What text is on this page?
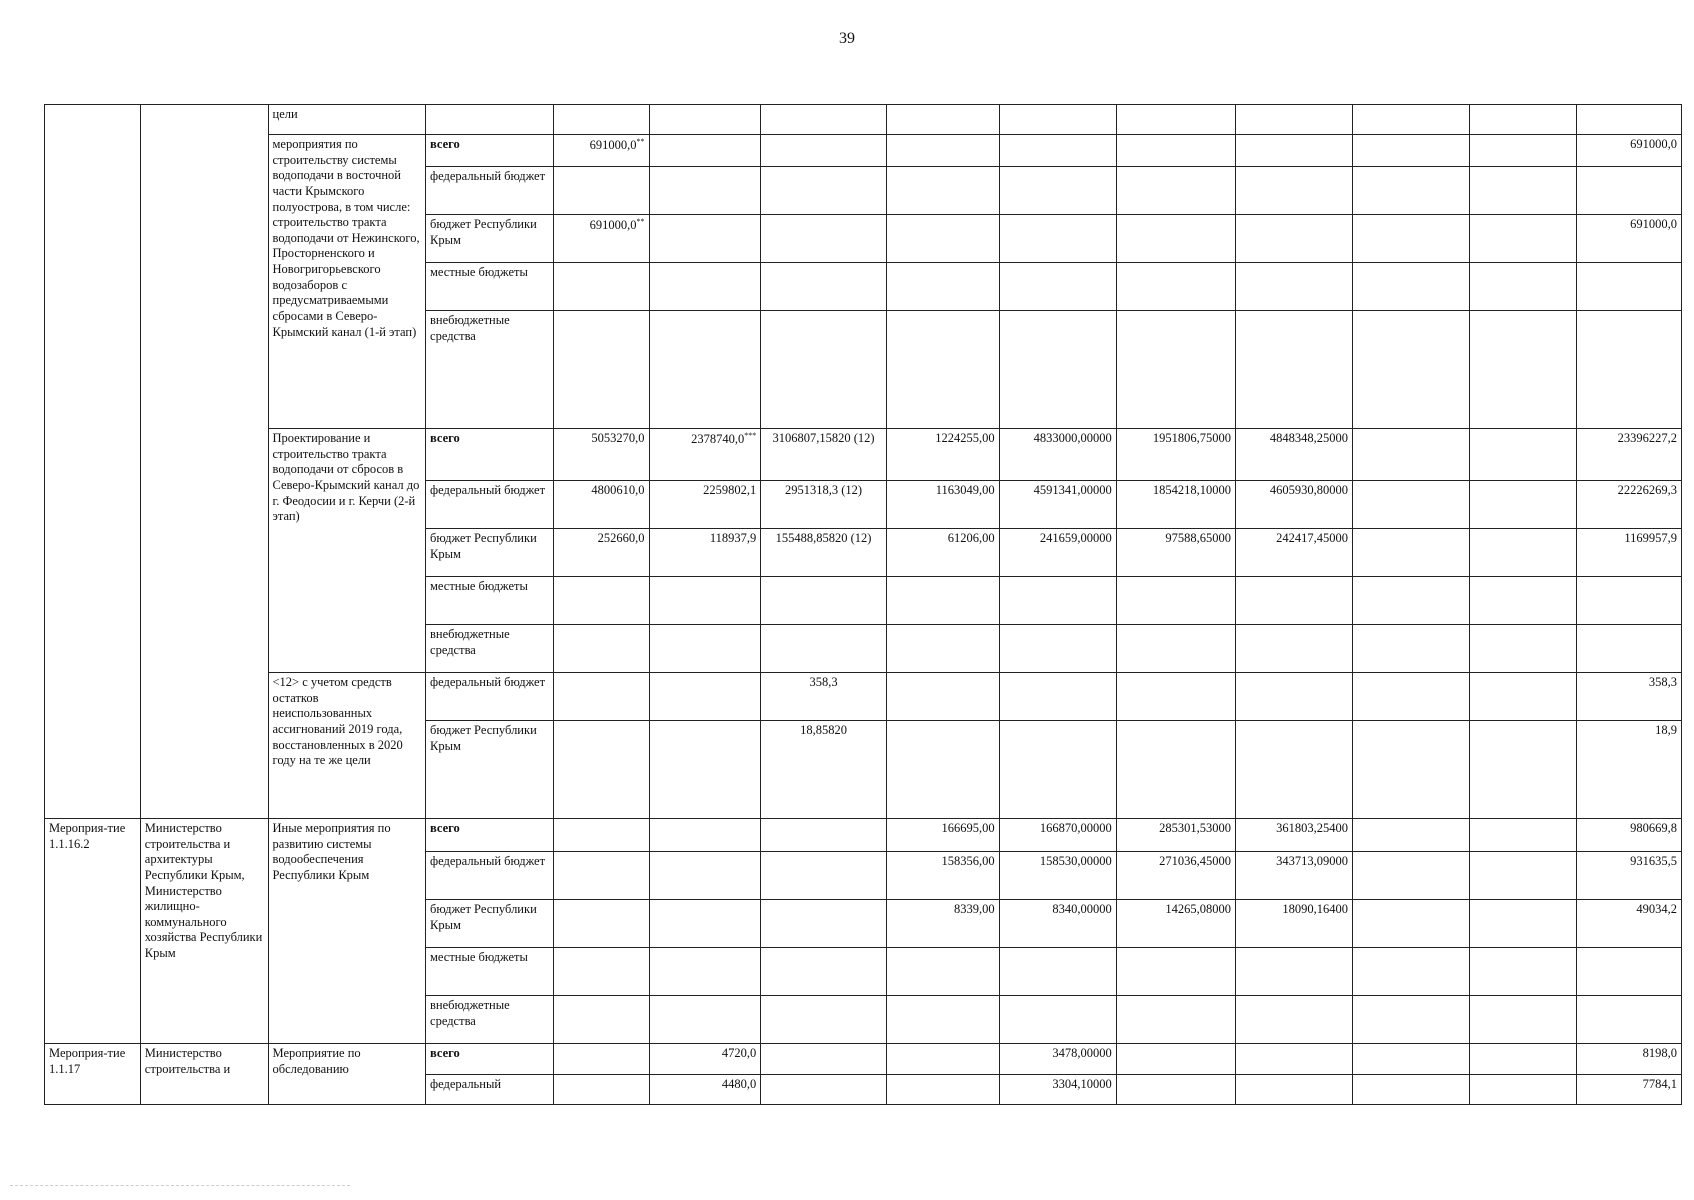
39
		цели											
		мероприятия по строительству системы водоподачи в восточной части Крымского полуострова, в том числе: строительство тракта водоподачи от Нежинского, Просторненского и Новогригорьевского водозаборов с предусматриваемыми сбросами в Северо-Крымский канал (1-й этап)	всего	691000,0**									691000,0
			федеральный бюджет										
			бюджет Республики Крым	691000,0**									691000,0
			местные бюджеты										
			внебюджетные средства										
		Проектирование и строительство тракта водоподачи от сбросов в Северо-Крымский канал до г. Феодосии и г. Керчи (2-й этап)	всего	5053270,0	2378740,0***	3106807,15820 (12)	1224255,00	4833000,00000	1951806,75000	4848348,25000			23396227,2
			федеральный бюджет	4800610,0	2259802,1	2951318,3 (12)	1163049,00	4591341,00000	1854218,10000	4605930,80000			22226269,3
			бюджет Республики Крым	252660,0	118937,9	155488,85820 (12)	61206,00	241659,00000	97588,65000	242417,45000			1169957,9
			местные бюджеты										
			внебюджетные средства										
		<12> с учетом средств остатков неиспользованных ассигнований 2019 года, восстановленных в 2020 году на те же цели	федеральный бюджет			358,3							358,3
			бюджет Республики Крым			18,85820							18,9
Мероприя-тие 1.1.16.2	Министерство строительства и архитектуры Республики Крым, Министерство жилищно-коммунального хозяйства Республики Крым	Иные мероприятия по развитию системы водообеспечения Республики Крым	всего				166695,00	166870,00000	285301,53000	361803,25400			980669,8
			федеральный бюджет				158356,00	158530,00000	271036,45000	343713,09000			931635,5
			бюджет Республики Крым				8339,00	8340,00000	14265,08000	18090,16400			49034,2
			местные бюджеты										
			внебюджетные средства										
Мероприя-тие 1.1.17	Министерство строительства и	Мероприятие по обследованию	всего		4720,0			3478,00000					8198,0
			федеральный		4480,0			3304,10000					7784,1
